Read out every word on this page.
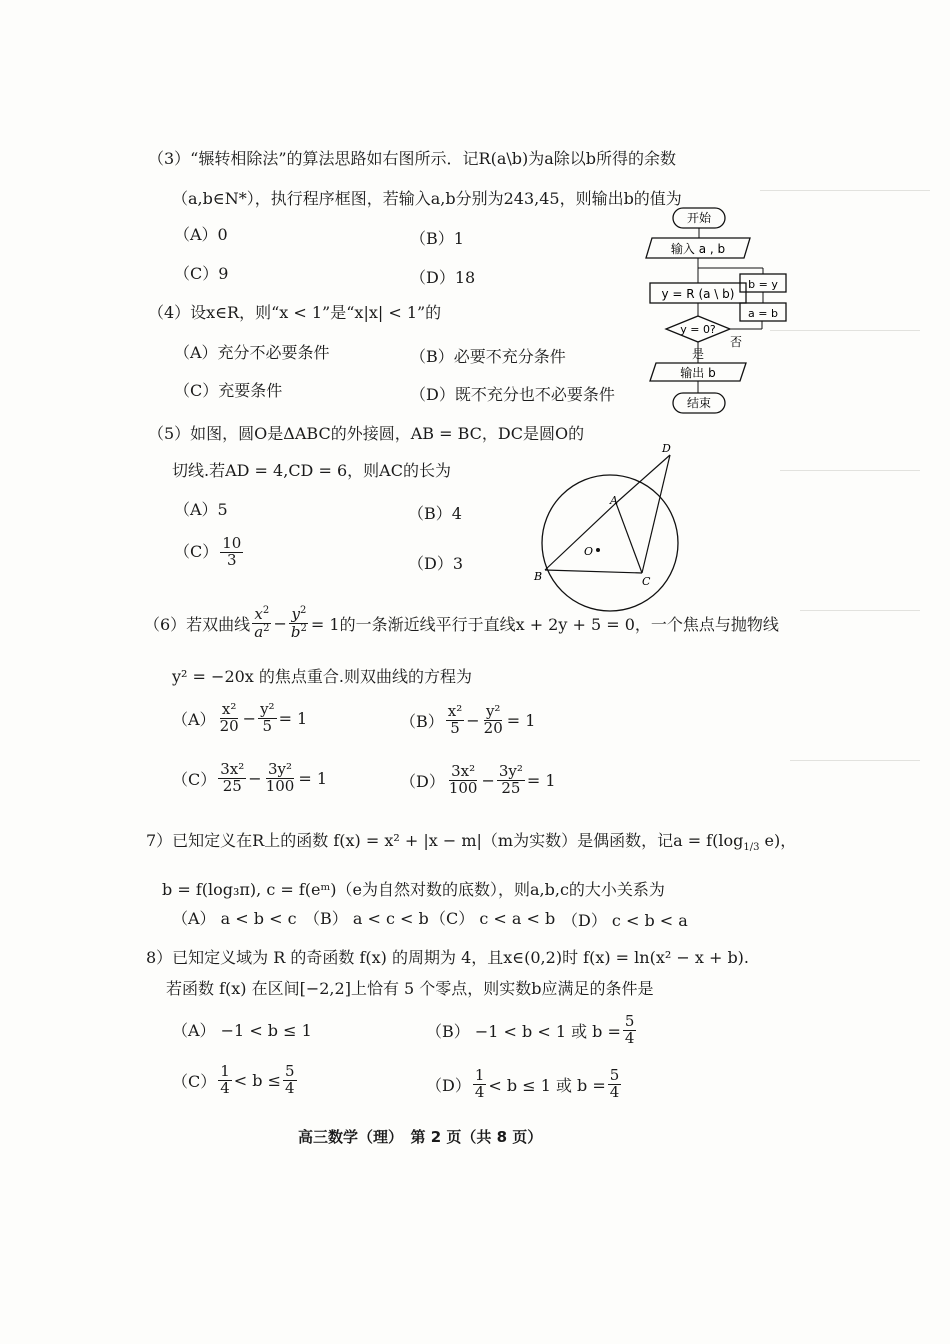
（3）“辗转相除法”的算法思路如右图所示．记R(a\b)为a除以b所得的余数
（a,b∈N*），执行程序框图，若输入a,b分别为243,45，则输出b的值为
（A）0	（B）1
（C）9	（D）18
开始
输入 a , b
y = R (a \ b)
y = 0?
是
否
a = b
b = y
输出 b
结束
（4）设x∈R，则“x < 1”是“x|x| < 1”的
（A）充分不必要条件	（B）必要不充分条件
（C）充要条件	（D）既不充分也不必要条件
（5）如图，圆O是ΔABC的外接圆，AB = BC，DC是圆O的
切线.若AD = 4,CD = 6，则AC的长为
（A）5	（B）4
$(C) \frac{10}{3}$	（D）3
D
A
O
B	C
（6）若双曲线 $\frac{x^2}{a^2} - \frac{y^2}{b^2} = 1$的一条渐近线平行于直线x + 2y + 5 = 0，一个焦点与抛物线
y² = −20x 的焦点重合.则双曲线的方程为
$(A) \frac{\text{x²}}{20} - \frac{\text{y²}}{5} = 1$	$(B) \frac{\text{x²}}{5} - \frac{\text{y²}}{20} = 1$
$(C) \frac{\text{3x²}}{25} - \frac{\text{3y²}}{100} = 1$	$(D) \frac{\text{3x²}}{100} - \frac{\text{3y²}}{25} = 1$
7）已知定义在R上的函数 f(x) = x² + |x − m|（m为实数）是偶函数，记$a = f(\log_{1/3}$ e)，
b = f(log₃π), c = f(eᵐ)（e为自然对数的底数），则a,b,c的大小关系为
（A） a < b < c （B） a < c < b （C） c < a < b （D） c < b < a
8）已知定义域为 R 的奇函数 f(x) 的周期为 4，且x∈(0,2)时 f(x) = ln(x² − x + b).
若函数 f(x) 在区间[−2,2]上恰有 5 个零点，则实数b应满足的条件是
（A） −1 < b ≤ 1	（B） −1 < b < 1 或 $b = \frac{5}{4}$
$(C) \frac{1}{4} < b \le \frac{5}{4}$	$(D) \frac{1}{4} < b \le 1$ 或 $b = \frac{5}{4}$
高三数学（理）　第 2 页（共 8 页）
